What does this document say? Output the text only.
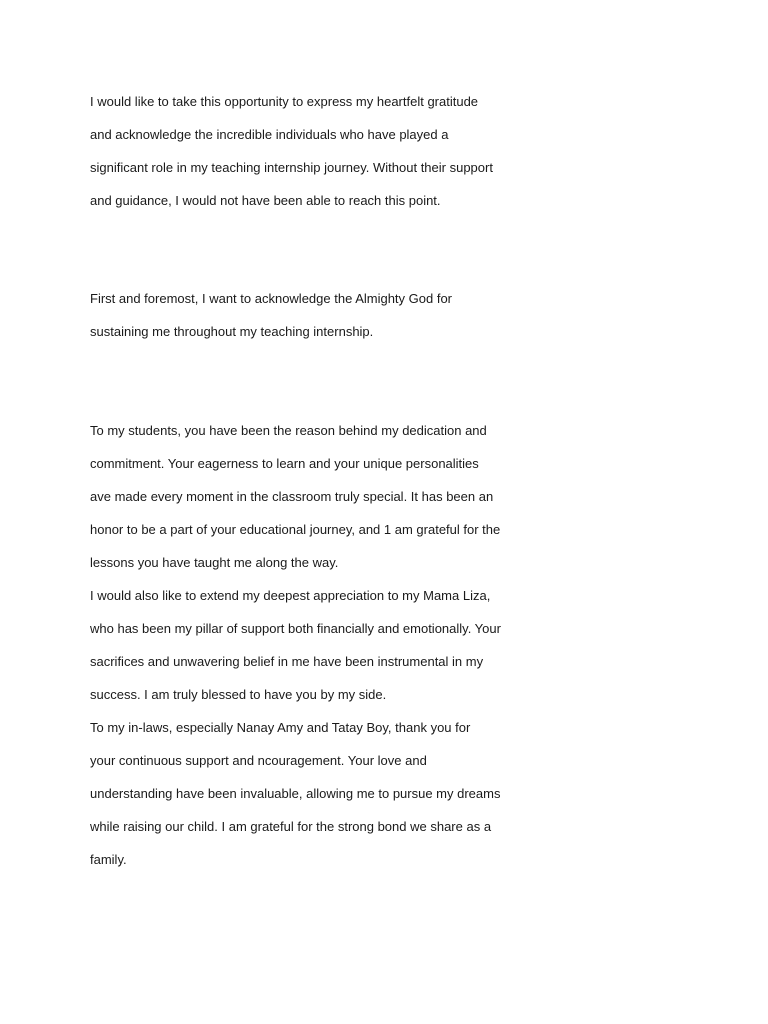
I would like to take this opportunity to express my heartfelt gratitude
and acknowledge the incredible individuals who have played a
significant role in my teaching internship journey. Without their support
and guidance, I would not have been able to reach this point.
First and foremost, I want to acknowledge the Almighty God for
sustaining me throughout my teaching internship.
To my students, you have been the reason behind my dedication and
commitment. Your eagerness to learn and your unique personalities
ave made every moment in the classroom truly special. It has been an
honor to be a part of your educational journey, and 1 am grateful for the
lessons you have taught me along the way.
I would also like to extend my deepest appreciation to my Mama Liza,
who has been my pillar of support both financially and emotionally. Your
sacrifices and unwavering belief in me have been instrumental in my
success. I am truly blessed to have you by my side.
To my in-laws, especially Nanay Amy and Tatay Boy, thank you for
your continuous support and ncouragement. Your love and
understanding have been invaluable, allowing me to pursue my dreams
while raising our child. I am grateful for the strong bond we share as a
family.
